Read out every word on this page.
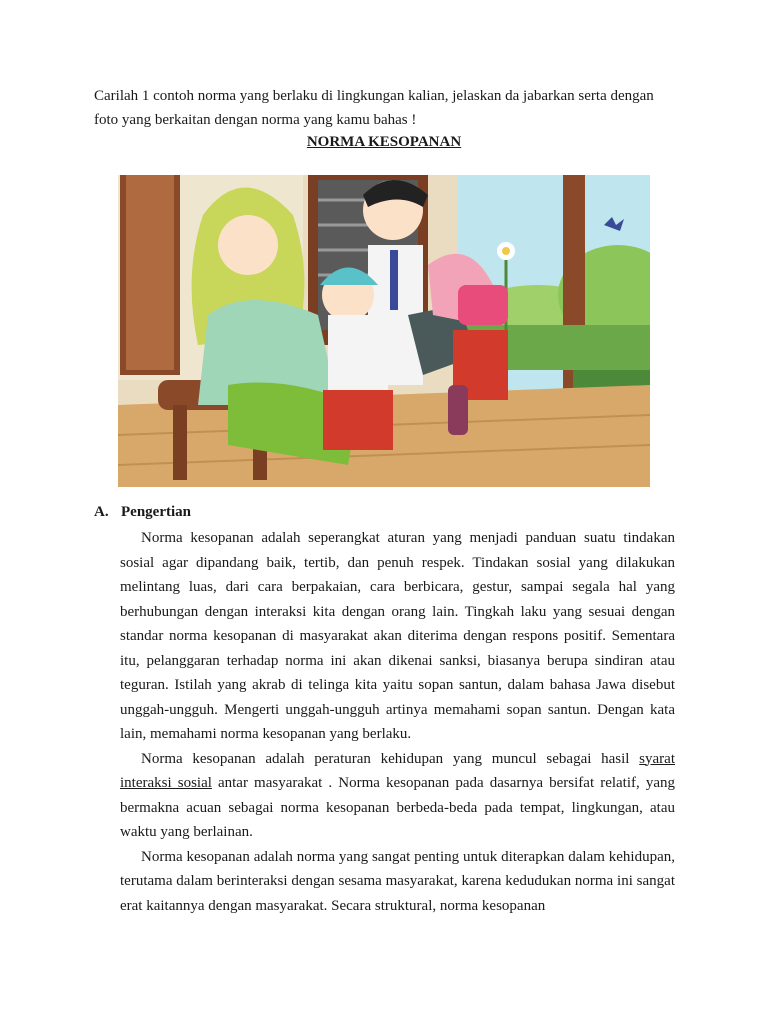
Carilah 1 contoh norma yang berlaku di lingkungan kalian, jelaskan da jabarkan serta dengan
foto yang berkaitan dengan norma yang kamu bahas !

NORMA KESOPANAN
A. Pengertian

Norma kesopanan adalah seperangkat aturan yang menjadi panduan suatu tindakan sosial agar dipandang baik, tertib, dan penuh respek. Tindakan sosial yang dilakukan melintang luas, dari cara berpakaian, cara berbicara, gestur, sampai segala hal yang berhubungan dengan interaksi kita dengan orang lain. Tingkah laku yang sesuai dengan standar norma kesopanan di masyarakat akan diterima dengan respons positif. Sementara itu, pelanggaran terhadap norma ini akan dikenai sanksi, biasanya berupa sindiran atau teguran. Istilah yang akrab di telinga kita yaitu sopan santun, dalam bahasa Jawa disebut unggah-ungguh. Mengerti unggah-ungguh artinya memahami sopan santun. Dengan kata lain, memahami norma kesopanan yang berlaku.

Norma kesopanan adalah peraturan kehidupan yang muncul sebagai hasil syarat interaksi sosial antar masyarakat . Norma kesopanan pada dasarnya bersifat relatif, yang bermakna acuan sebagai norma kesopanan berbeda-beda pada tempat, lingkungan, atau waktu yang berlainan.

Norma kesopanan adalah norma yang sangat penting untuk diterapkan dalam kehidupan, terutama dalam berinteraksi dengan sesama masyarakat, karena kedudukan norma ini sangat erat kaitannya dengan masyarakat. Secara struktural, norma kesopanan
